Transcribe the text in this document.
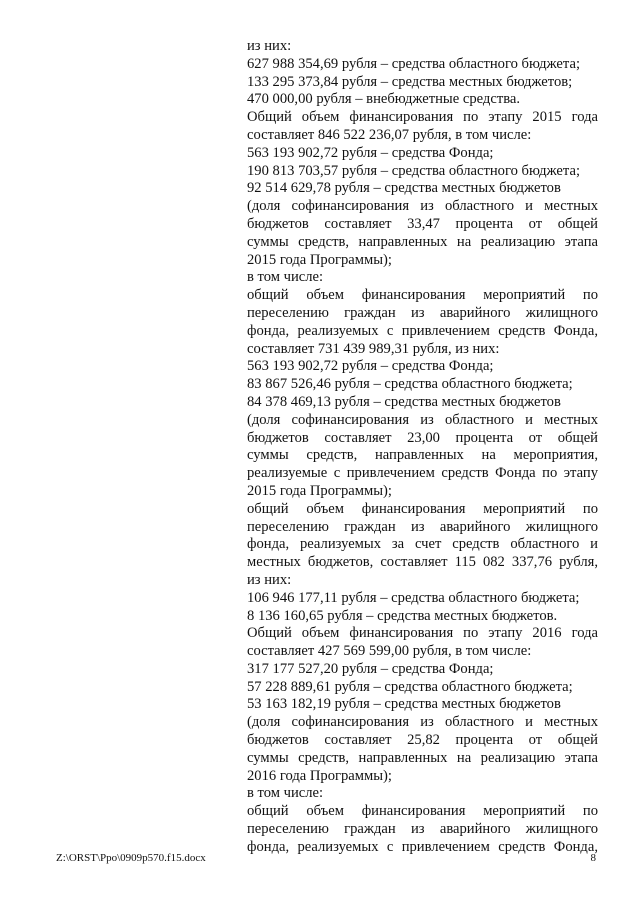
из них:
627 988 354,69 рубля – средства областного бюджета;
133 295 373,84 рубля – средства местных бюджетов;
470 000,00 рубля – внебюджетные средства.
Общий объем финансирования по этапу 2015 года
составляет 846 522 236,07 рубля, в том числе:
563 193 902,72 рубля – средства Фонда;
190 813 703,57 рубля – средства областного бюджета;
92 514 629,78 рубля – средства местных бюджетов
(доля софинансирования из областного и местных
бюджетов составляет 33,47 процента от общей
суммы средств, направленных на реализацию этапа
2015 года Программы);
в том числе:
общий объем финансирования мероприятий по
переселению граждан из аварийного жилищного
фонда, реализуемых с привлечением средств Фонда,
составляет 731 439 989,31 рубля, из них:
563 193 902,72 рубля – средства Фонда;
83 867 526,46 рубля – средства областного бюджета;
84 378 469,13 рубля – средства местных бюджетов
(доля софинансирования из областного и местных
бюджетов составляет 23,00 процента от общей
суммы средств, направленных на мероприятия,
реализуемые с привлечением средств Фонда по этапу
2015 года Программы);
общий объем финансирования мероприятий по
переселению граждан из аварийного жилищного
фонда, реализуемых за счет средств областного и
местных бюджетов, составляет 115 082 337,76 рубля,
из них:
106 946 177,11 рубля – средства областного бюджета;
8 136 160,65 рубля – средства местных бюджетов.
Общий объем финансирования по этапу 2016 года
составляет 427 569 599,00 рубля, в том числе:
317 177 527,20 рубля – средства Фонда;
57 228 889,61 рубля – средства областного бюджета;
53 163 182,19 рубля – средства местных бюджетов
(доля софинансирования из областного и местных
бюджетов составляет 25,82 процента от общей
суммы средств, направленных на реализацию этапа
2016 года Программы);
в том числе:
общий объем финансирования мероприятий по
переселению граждан из аварийного жилищного
фонда, реализуемых с привлечением средств Фонда,
Z:\ORST\Ppo\0909p570.f15.docx	8
